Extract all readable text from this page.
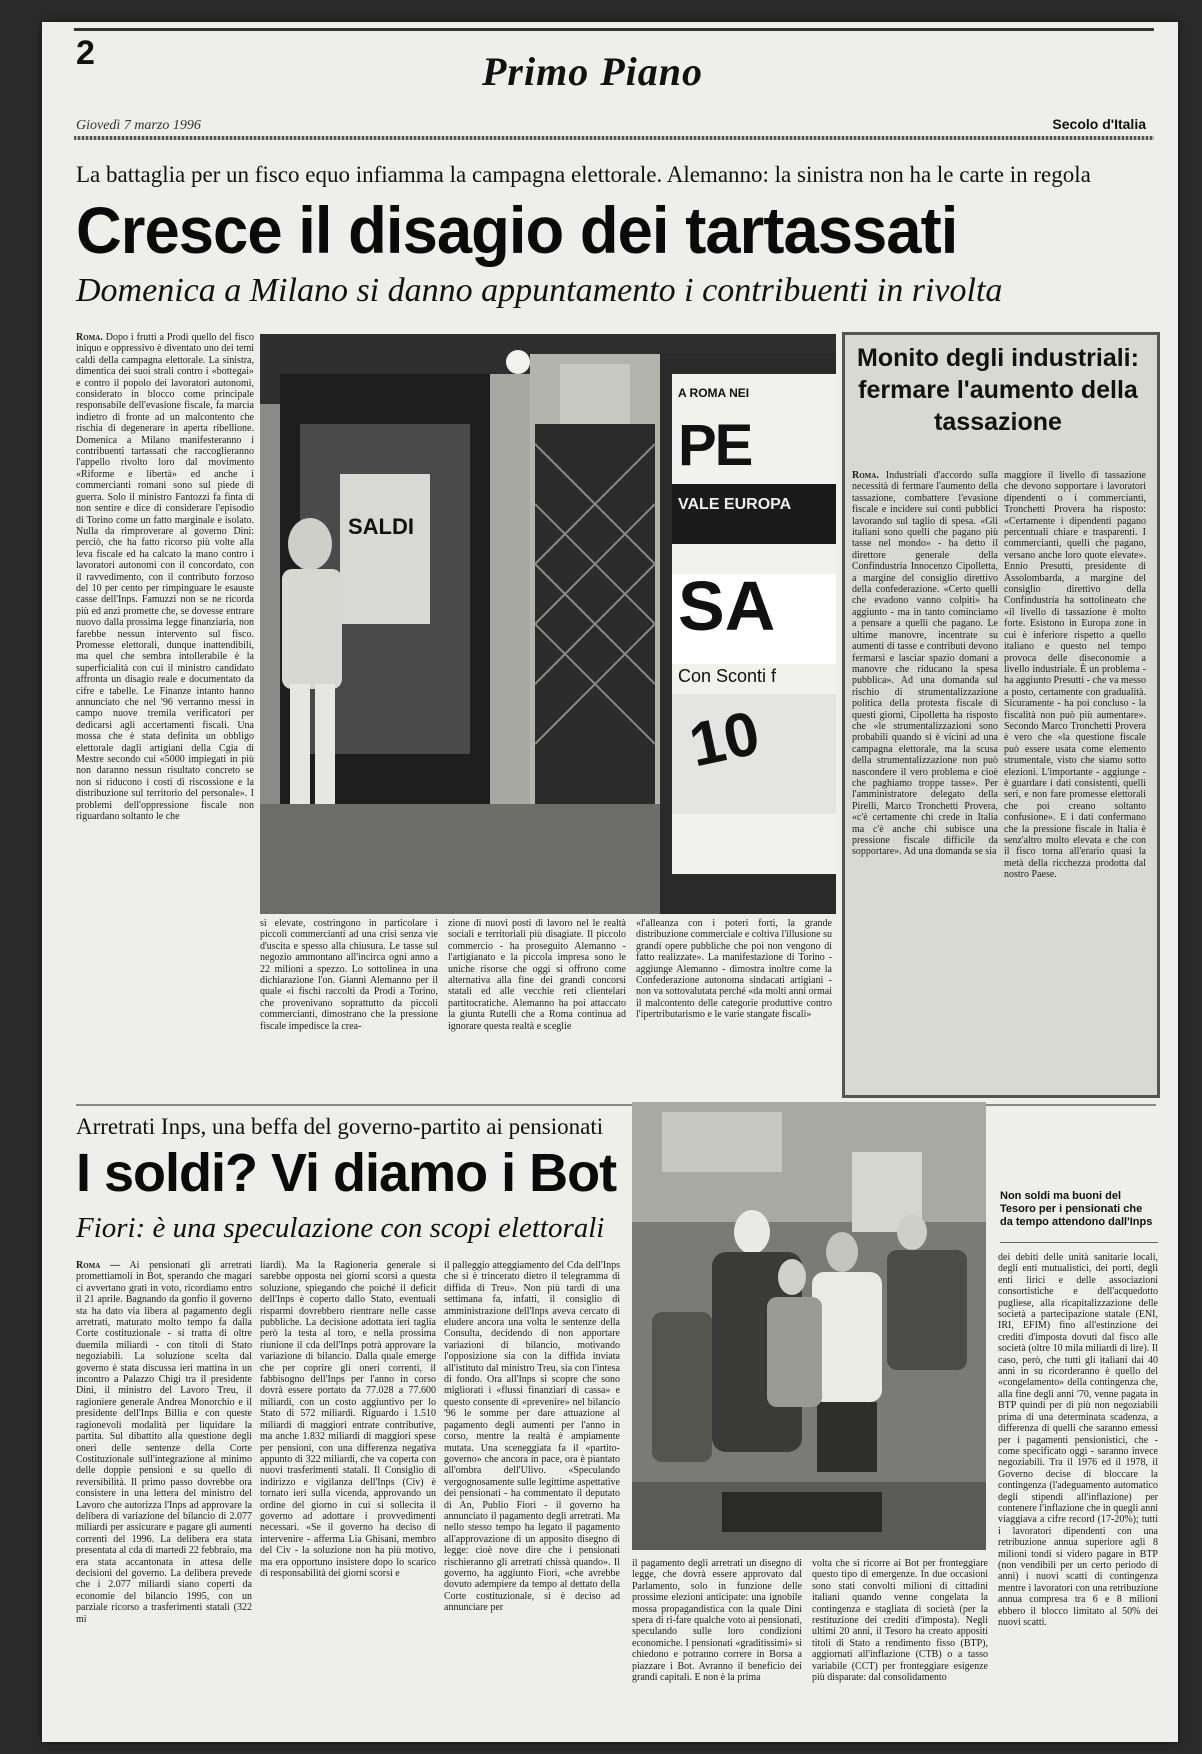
2	Primo Piano
Giovedì 7 marzo 1996	Secolo d'Italia
La battaglia per un fisco equo infiamma la campagna elettorale. Alemanno: la sinistra non ha le carte in regola
Cresce il disagio dei tartassati
Domenica a Milano si danno appuntamento i contribuenti in rivolta
Roma. Dopo i frutti a Prodi quello del fisco iniquo e oppressivo è diventato uno dei temi caldi della campagna elettorale. La sinistra, dimentica dei suoi strali contro i «bottegai» e contro il popolo dei lavoratori autonomi, considerato in blocco come principale responsabile dell'evasione fiscale, fa marcia indietro di fronte ad un malcontento che rischia di degenerare in aperta ribellione. Domenica a Milano manifesteranno i contribuenti tartassati che raccoglieranno l'appello rivolto loro dal movimento «Riforme e libertà» ed anche i commercianti romani sono sul piede di guerra. Solo il ministro Fantozzi fa finta di non sentire e dice di considerare l'episodio di Torino come un fatto marginale e isolato. Nulla da rimproverare al governo Dini: perciò, che ha fatto ricorso più volte alla leva fiscale ed ha calcato la mano contro i lavoratori autonomi con il concordato, con il ravvedimento, con il contributo forzoso del 10 per cento per rimpinguare le esauste casse dell'Inps. Famuzzi non se ne ricorda più ed anzi promette che, se dovesse entrare nuovo dalla prossima legge finanziaria, non farebbe nessun intervento sul fisco. Promesse elettorali, dunque inattendibili, ma quel che sembra intollerabile è la superficialità con cui il ministro candidato affronta un disagio reale e documentato da cifre e tabelle. Le Finanze intanto hanno annunciato che nel '96 verranno messi in campo nuove tremila verificatori per dedicarsi agli accertamenti fiscali. Una mossa che è stata definita un obbligo elettorale dagli artigiani della Cgia di Mestre secondo cui «5000 impiegati in più non daranno nessun risultato concreto se non si riducono i costi di riscossione e la distribuzione sul territorio del personale». I problemi dell'oppressione fiscale non riguardano soltanto le che
SALDI
A ROMA NEI
PE
VALE EUROPA
SA
Con Sconti f
10
si elevate, costringono in particolare i piccoli commercianti ad una crisi senza vie d'uscita e spesso alla chiusura. Le tasse sul negozio ammontano all'incirca ogni anno a 22 milioni a spezzo. Lo sottolinea in una dichiarazione l'on. Gianni Alemanno per il quale «i fischi raccolti da Prodi a Torino, che provenivano soprattutto da piccoli commercianti, dimostrano che la pressione fiscale impedisce la crea-
zione di nuovi posti di lavoro nel le realtà sociali e territoriali più disagiate. Il piccolo commercio - ha proseguito Alemanno - l'artigianato e la piccola impresa sono le uniche risorse che oggi si offrono come alternativa alla fine dei grandi concorsi statali ed alle vecchie reti clientelari partitocratiche. Alemanno ha poi attaccato la giunta Rutelli che a Roma continua ad ignorare questa realtà e sceglie
«l'alleanza con i poteri forti, la grande distribuzione commerciale e coltiva l'illusione su grandi opere pubbliche che poi non vengono di fatto realizzate». La manifestazione di Torino - aggiunge Alemanno - dimostra inoltre come la Confederazione autonoma sindacati artigiani - non va sottovalutata perché «da molti anni ormai il malcontento delle categorie produttive contro l'ipertributarismo e le varie stangate fiscali»
Monito degli industriali: fermare l'aumento della tassazione
Roma. Industriali d'accordo sulla necessità di fermare l'aumento della tassazione, combattere l'evasione fiscale e incidere sui conti pubblici lavorando sul taglio di spesa. «Gli italiani sono quelli che pagano più tasse nel mondo» - ha detto il direttore generale della Confindustria Innocenzo Cipolletta, a margine del consiglio direttivo della confederazione. «Certo quelli che evadono vanno colpiti» ha aggiunto - ma in tanto cominciamo a pensare a quelli che pagano. Le ultime manovre, incentrate su aumenti di tasse e contributi devono fermarsi e lasciar spazio domani a manovre che riducano la spesa pubblica». Ad una domanda sul rischio di strumentalizzazione politica della protesta fiscale di questi giorni, Cipolletta ha risposto che «le strumentalizzazioni sono probabili quando si è vicini ad una campagna elettorale, ma la scusa della strumentalizzazione non può nascondere il vero problema e cioè che paghiamo troppe tasse». Per l'amministratore delegato della Pirelli, Marco Tronchetti Provera, «c'è certamente chi crede in Italia ma c'è anche chi subisce una pressione fiscale difficile da sopportare». Ad una domanda se sia
maggiore il livello di tassazione che devono sopportare i lavoratori dipendenti o i commercianti, Tronchetti Provera ha risposto: «Certamente i dipendenti pagano percentuali chiare e trasparenti. I commercianti, quelli che pagano, versano anche loro quote elevate». Ennio Presutti, presidente di Assolombarda, a margine del consiglio direttivo della Confindustria ha sottolineato che «il livello di tassazione è molto forte. Esistono in Europa zone in cui è inferiore rispetto a quello italiano e questo nel tempo provoca delle diseconomie a livello industriale. È un problema - ha aggiunto Presutti - che va messo a posto, certamente con gradualità. Sicuramente - ha poi concluso - la fiscalità non può più aumentare». Secondo Marco Tronchetti Provera è vero che «la questione fiscale può essere usata come elemento strumentale, visto che siamo sotto elezioni. L'importante - aggiunge - è guardare i dati consistenti, quelli seri, e non fare promesse elettorali che poi creano soltanto confusione». E i dati confermano che la pressione fiscale in Italia è senz'altro molto elevata e che con il fisco torna all'erario quasi la metà della ricchezza prodotta dal nostro Paese.
Arretrati Inps, una beffa del governo-partito ai pensionati
I soldi? Vi diamo i Bot
Fiori: è una speculazione con scopi elettorali
Roma — Ai pensionati gli arretrati promettiamoli in Bot, sperando che magari ci avvertano grati in voto, ricordiamo entro il 21 aprile. Bagnando da gonfio il governo sta ha dato via libera al pagamento degli arretrati, maturato molto tempo fa dalla Corte costituzionale - si tratta di oltre duemila miliardi - con titoli di Stato negoziabili. La soluzione scelta dal governo è stata discussa ieri mattina in un incontro a Palazzo Chigi tra il presidente Dini, il ministro del Lavoro Treu, il ragioniere generale Andrea Monorchio e il presidente dell'Inps Billia e con queste ragionevoli modalità per liquidare la partita. Sul dibattito alla questione degli oneri delle sentenze della Corte Costituzionale sull'integrazione al minimo delle doppie pensioni e su quello di reversibilità. Il primo passo dovrebbe ora consistere in una lettera del ministro del Lavoro che autorizza l'Inps ad approvare la delibera di variazione del bilancio di 2.077 miliardi per assicurare e pagare gli aumenti correnti del 1996. La delibera era stata presentata al cda di martedì 22 febbraio, ma era stata accantonata in attesa delle decisioni del governo. La delibera prevede che i 2.077 miliardi siano coperti da economie del bilancio 1995, con un parziale ricorso a trasferimenti statali (322 mi
liardi). Ma la Ragioneria generale si sarebbe opposta nei giorni scorsi a questa soluzione, spiegando che poiché il deficit dell'Inps è coperto dallo Stato, eventuali risparmi dovrebbero rientrare nelle casse pubbliche. La decisione adottata ieri taglia però la testa al toro, e nella prossima riunione il cda dell'Inps potrà approvare la variazione di bilancio. Dalla quale emerge che per coprire gli oneri correnti, il fabbisogno dell'Inps per l'anno in corso dovrà essere portato da 77.028 a 77.600 miliardi, con un costo aggiuntivo per lo Stato di 572 miliardi. Riguardo i 1.510 miliardi di maggiori entrate contributive, ma anche 1.832 miliardi di maggiori spese per pensioni, con una differenza negativa appunto di 322 miliardi, che va coperta con nuovi trasferimenti statali. Il Consiglio di indirizzo e vigilanza dell'Inps (Civ) è tornato ieri sulla vicenda, approvando un ordine del giorno in cui si sollecita il governo ad adottare i provvedimenti necessari. «Se il governo ha deciso di intervenire - afferma Lia Ghisani, membro del Civ - la soluzione non ha più motivo, ma era opportuno insistere dopo lo scarico di responsabilità dei giorni scorsi e
il palleggio atteggiamento del Cda dell'Inps che si è trincerato dietro il telegramma di diffida di Treu». Non più tardi di una settimana fa, infatti, il consiglio di amministrazione dell'Inps aveva cercato di eludere ancora una volta le sentenze della Consulta, decidendo di non apportare variazioni di bilancio, motivando l'opposizione sia con la diffida inviata all'istituto dal ministro Treu, sia con l'intesa di fondo. Ora all'Inps si scopre che sono migliorati i «flussi finanziari di cassa» e questo consente di «prevenire» nel bilancio '96 le somme per dare attuazione al pagamento degli aumenti per l'anno in corso, mentre la realtà è ampiamente mutata. Una sceneggiata fa il «partito-governo» che ancora in pace, ora è piantato all'ombra dell'Ulivo. «Speculando vergognosamente sulle legittime aspettative dei pensionati - ha commentato il deputato di An, Publio Fiori - il governo ha annunciato il pagamento degli arretrati. Ma nello stesso tempo ha legato il pagamento all'approvazione di un apposito disegno di legge: cioè nove dire che i pensionati rischieranno gli arretrati chissà quando». Il governo, ha aggiunto Fiori, «che avrebbe dovuto adempiere da tempo al dettato della Corte costituzionale, si è deciso ad annunciare per
Non soldi ma buoni del Tesoro per i pensionati che da tempo attendono dall'Inps
il pagamento degli arretrati un disegno di legge, che dovrà essere approvato dal Parlamento, solo in funzione delle prossime elezioni anticipate: una ignobile mossa propagandistica con la quale Dini spera di ri-fare qualche voto ai pensionati, speculando sulle loro condizioni economiche. I pensionati «graditissimi» si chiedono e potranno correre in Borsa a piazzare i Bot. Avranno il beneficio dei grandi capitali. E non è la prima
volta che si ricorre ai Bot per fronteggiare questo tipo di emergenze. In due occasioni sono stati convolti milioni di cittadini italiani quando venne congelata la contingenza e stagliata di società (per la restituzione dei crediti d'imposta). Negli ultimi 20 anni, il Tesoro ha creato appositi titoli di Stato a rendimento fisso (BTP), aggiornati all'inflazione (CTB) o a tasso variabile (CCT) per fronteggiare esigenze più disparate: dal consolidamento
dei debiti delle unità sanitarie locali, degli enti mutualistici, dei porti, degli enti lirici e delle associazioni consortistiche e dell'acquedotto pugliese, alla ricapitalizzazione delle società a partecipazione statale (ENI, IRI, EFIM) fino all'estinzione dei crediti d'imposta dovuti dal fisco alle società (oltre 10 mila miliardi di lire). Il caso, però, che tutti gli italiani dai 40 anni in su ricorderanno è quello del «congelamento» della contingenza che, alla fine degli anni '70, venne pagata in BTP quindi per di più non negoziabili prima di una determinata scadenza, a differenza di quelli che saranno emessi per i pagamenti pensionistici, che - come specificato oggi - saranno invece negoziabili. Tra il 1976 ed il 1978, il Governo decise di bloccare la contingenza (l'adeguamento automatico degli stipendi all'inflazione) per contenere l'inflazione che in quegli anni viaggiava a cifre record (17-20%); tutti i lavoratori dipendenti con una retribuzione annua superiore agli 8 milioni tondi si videro pagare in BTP (non vendibili per un certo periodo di anni) i nuovi scatti di contingenza mentre i lavoratori con una retribuzione annua compresa tra 6 e 8 milioni ebbero il blocco limitato al 50% dei nuovi scatti.
